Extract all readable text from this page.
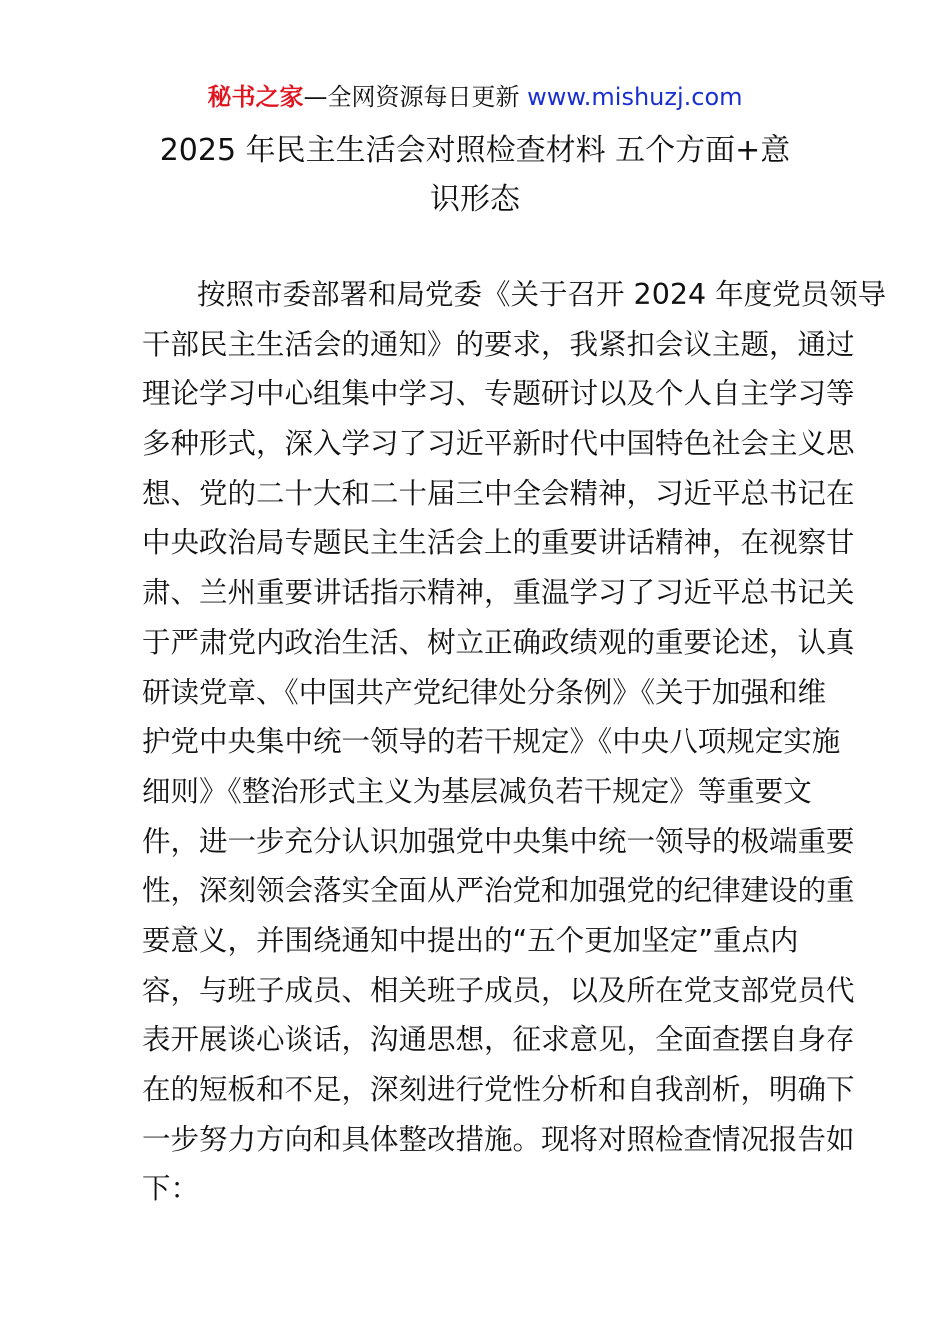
秘书之家—全网资源每日更新 www.mishuzj.com
2025 年民主生活会对照检查材料 五个方面+意
识形态
按照市委部署和局党委《关于召开 2024 年度党员领导
干部民主生活会的通知》的要求，我紧扣会议主题，通过
理论学习中心组集中学习、专题研讨以及个人自主学习等
多种形式，深入学习了习近平新时代中国特色社会主义思
想、党的二十大和二十届三中全会精神，习近平总书记在
中央政治局专题民主生活会上的重要讲话精神，在视察甘
肃、兰州重要讲话指示精神，重温学习了习近平总书记关
于严肃党内政治生活、树立正确政绩观的重要论述，认真
研读党章、《中国共产党纪律处分条例》《关于加强和维
护党中央集中统一领导的若干规定》《中央八项规定实施
细则》《整治形式主义为基层减负若干规定》等重要文
件，进一步充分认识加强党中央集中统一领导的极端重要
性，深刻领会落实全面从严治党和加强党的纪律建设的重
要意义，并围绕通知中提出的“五个更加坚定”重点内
容，与班子成员、相关班子成员，以及所在党支部党员代
表开展谈心谈话，沟通思想，征求意见，全面查摆自身存
在的短板和不足，深刻进行党性分析和自我剖析，明确下
一步努力方向和具体整改措施。现将对照检查情况报告如
下：
